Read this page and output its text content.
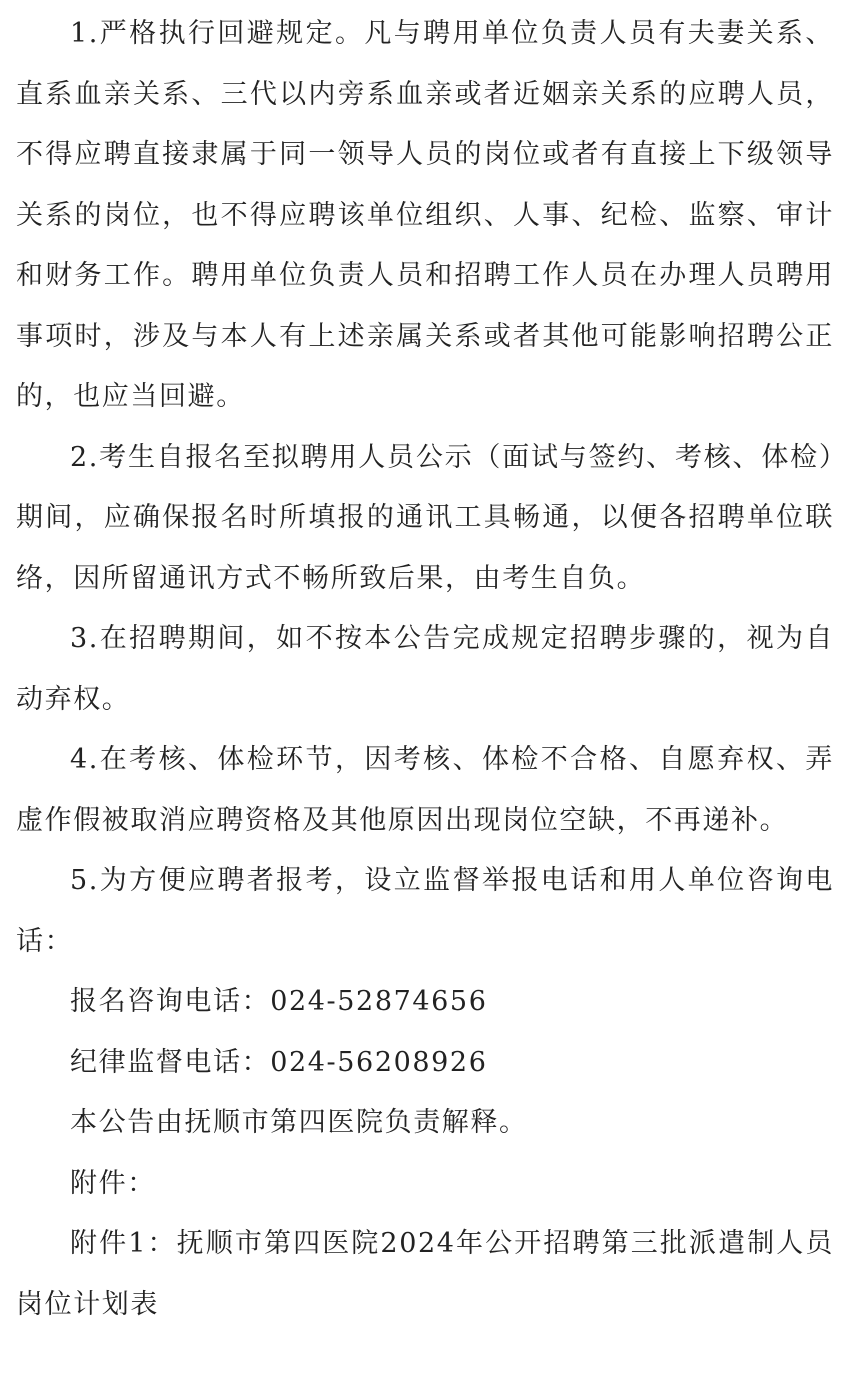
1.严格执行回避规定。凡与聘用单位负责人员有夫妻关系、直系血亲关系、三代以内旁系血亲或者近姻亲关系的应聘人员，不得应聘直接隶属于同一领导人员的岗位或者有直接上下级领导关系的岗位，也不得应聘该单位组织、人事、纪检、监察、审计和财务工作。聘用单位负责人员和招聘工作人员在办理人员聘用事项时，涉及与本人有上述亲属关系或者其他可能影响招聘公正的，也应当回避。

2.考生自报名至拟聘用人员公示（面试与签约、考核、体检）期间，应确保报名时所填报的通讯工具畅通，以便各招聘单位联络，因所留通讯方式不畅所致后果，由考生自负。

3.在招聘期间，如不按本公告完成规定招聘步骤的，视为自动弃权。

4.在考核、体检环节，因考核、体检不合格、自愿弃权、弄虚作假被取消应聘资格及其他原因出现岗位空缺，不再递补。

5.为方便应聘者报考，设立监督举报电话和用人单位咨询电话：

报名咨询电话：024-52874656

纪律监督电话：024-56208926

本公告由抚顺市第四医院负责解释。

附件：

附件1：抚顺市第四医院2024年公开招聘第三批派遣制人员岗位计划表
